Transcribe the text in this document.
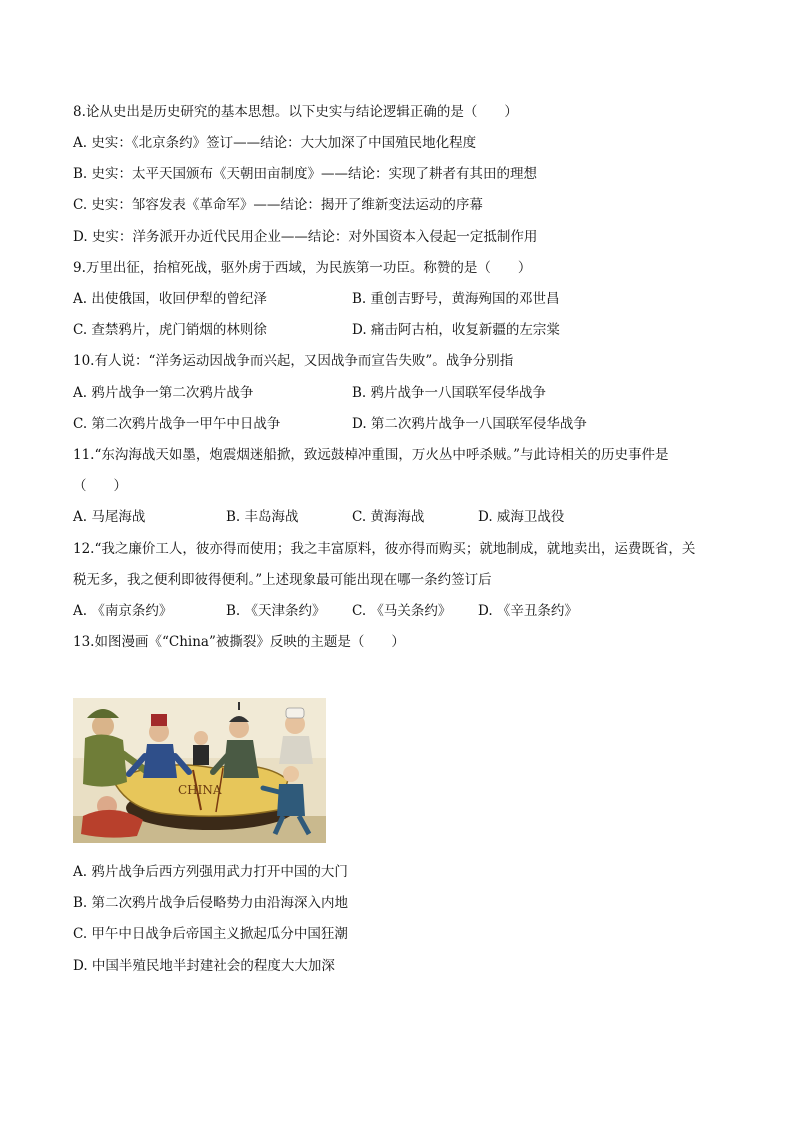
8.论从史出是历史研究的基本思想。以下史实与结论逻辑正确的是（　　）
A. 史实：《北京条约》签订——结论：大大加深了中国殖民地化程度
B. 史实：太平天国颁布《天朝田亩制度》——结论：实现了耕者有其田的理想
C. 史实：邹容发表《革命军》——结论：揭开了维新变法运动的序幕
D. 史实：洋务派开办近代民用企业——结论：对外国资本入侵起一定抵制作用
9.万里出征，抬棺死战，驱外虏于西域，为民族第一功臣。称赞的是（　　）
A. 出使俄国，收回伊犁的曾纪泽	B. 重创吉野号，黄海殉国的邓世昌
C. 查禁鸦片，虎门销烟的林则徐	D. 痛击阿古柏，收复新疆的左宗棠
10.有人说：“洋务运动因战争而兴起，又因战争而宣告失败”。战争分别指
A. 鸦片战争一第二次鸦片战争	B. 鸦片战争一八国联军侵华战争
C. 第二次鸦片战争一甲午中日战争	D. 第二次鸦片战争一八国联军侵华战争
11.“东沟海战天如墨，炮震烟迷船掀，致远鼓棹冲重围，万火丛中呼杀贼。”与此诗相关的历史事件是
（　　）
A. 马尾海战	B. 丰岛海战	C. 黄海海战	D. 威海卫战役
12.“我之廉价工人，彼亦得而使用；我之丰富原料，彼亦得而购买；就地制成，就地卖出，运费既省，关
税无多，我之便利即彼得便利。”上述现象最可能出现在哪一条约签订后
A. 《南京条约》	B. 《天津条约》 C. 《马关条约》 D. 《辛丑条约》
13.如图漫画《“China”被撕裂》反映的主题是（　　）
CHINA
A. 鸦片战争后西方列强用武力打开中国的大门
B. 第二次鸦片战争后侵略势力由沿海深入内地
C. 甲午中日战争后帝国主义掀起瓜分中国狂潮
D. 中国半殖民地半封建社会的程度大大加深
